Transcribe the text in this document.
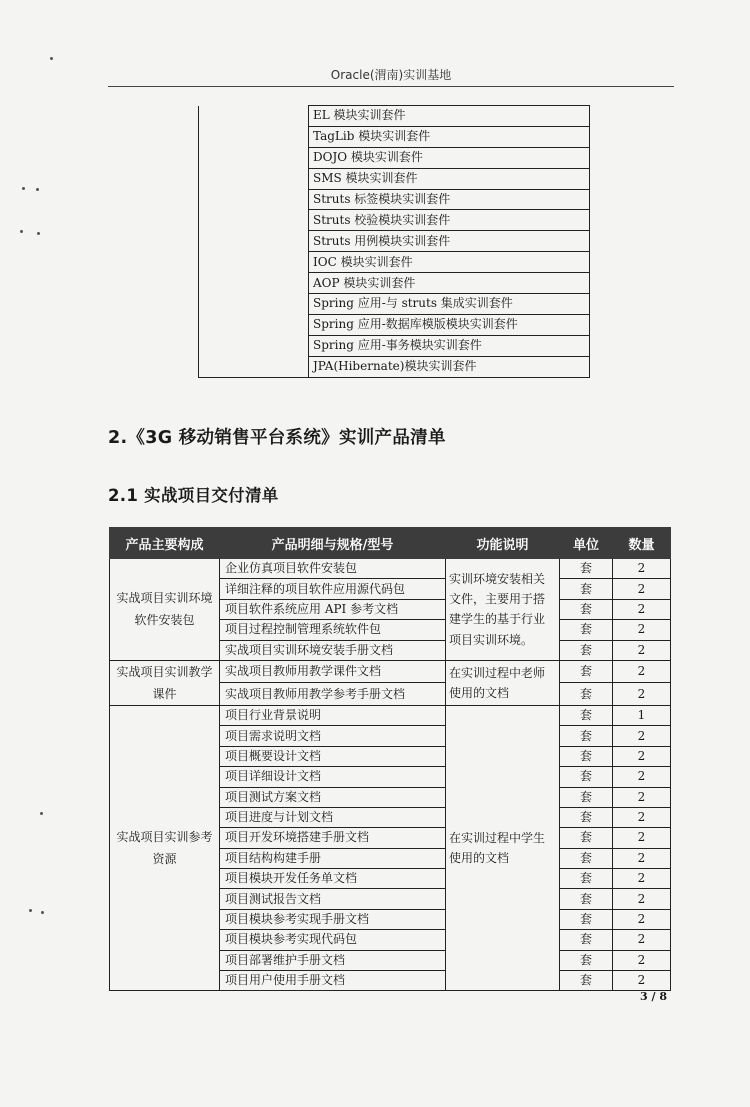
Oracle(渭南)实训基地
	EL 模块实训套件
TagLib 模块实训套件
DOJO 模块实训套件
SMS 模块实训套件
Struts 标签模块实训套件
Struts 校验模块实训套件
Struts 用例模块实训套件
IOC 模块实训套件
AOP 模块实训套件
Spring 应用-与 struts 集成实训套件
Spring 应用-数据库模版模块实训套件
Spring 应用-事务模块实训套件
JPA(Hibernate)模块实训套件
2.《3G 移动销售平台系统》实训产品清单
2.1 实战项目交付清单
产品主要构成	产品明细与规格/型号	功能说明	单位	数量
实战项目实训环境软件安装包	企业仿真项目软件安装包	实训环境安装相关文件，主要用于搭建学生的基于行业项目实训环境。	套	2
	详细注释的项目软件应用源代码包		套	2
	项目软件系统应用 API 参考文档		套	2
	项目过程控制管理系统软件包		套	2
	实战项目实训环境安装手册文档		套	2
实战项目实训教学课件	实战项目教师用教学课件文档	在实训过程中老师使用的文档	套	2
	实战项目教师用教学参考手册文档		套	2
实战项目实训参考资源	项目行业背景说明	在实训过程中学生使用的文档	套	1
	项目需求说明文档		套	2
	项目概要设计文档		套	2
	项目详细设计文档		套	2
	项目测试方案文档		套	2
	项目进度与计划文档		套	2
	项目开发环境搭建手册文档		套	2
	项目结构构建手册		套	2
	项目模块开发任务单文档		套	2
	项目测试报告文档		套	2
	项目模块参考实现手册文档		套	2
	项目模块参考实现代码包		套	2
	项目部署维护手册文档		套	2
	项目用户使用手册文档		套	2
3 / 8
